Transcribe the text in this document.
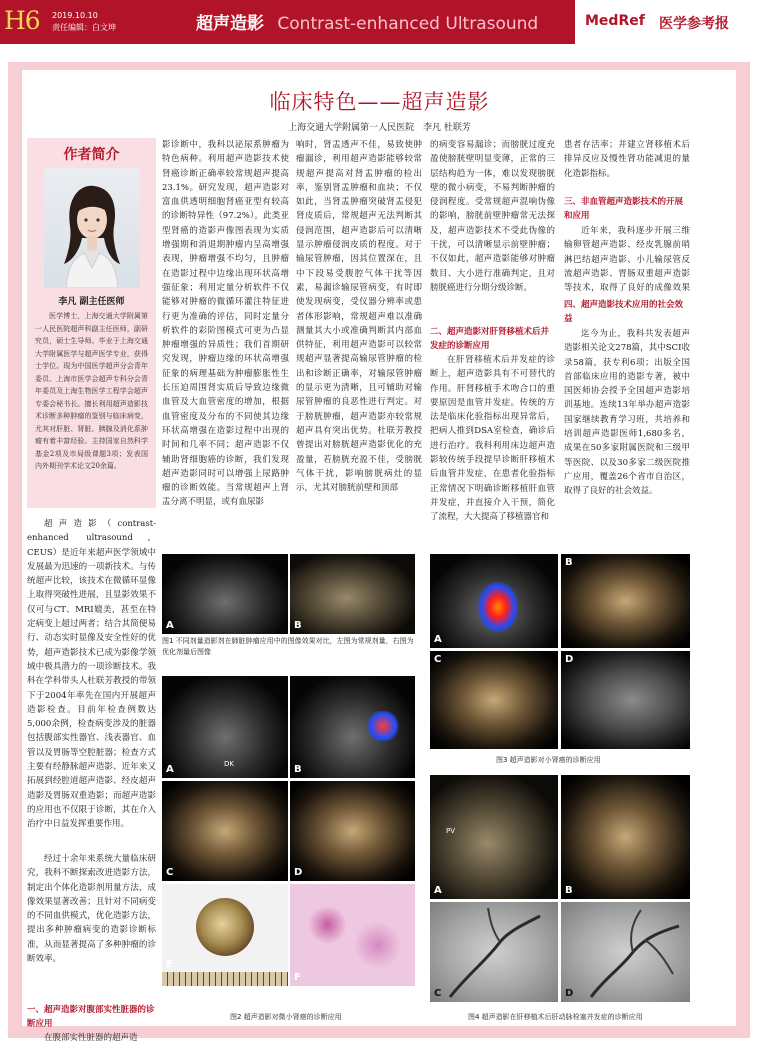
H6 2019.10.10
责任编辑：白文坤	超声造影 Contrast-enhanced Ultrasound	MedRef 医学参考报
临床特色——超声造影
上海交通大学附属第一人民医院 李凡 杜联芳
作者简介
李凡 副主任医师

医学博士，上海交通大学附属第一人民医院超声科副主任医师，副研究员，硕士生导师。毕业于上海交通大学附属医学与超声医学专业，获得士学位。现为中国医学超声分会青年委员、上海市医学会超声专科分会青年委员及上海生物医学工程学会超声专委会秘书长。擅长利用超声造影技术诊断多种肿瘤的鉴别与临床病变，尤其对肝脏、肾脏、胰腺及消化系肿瘤有着丰富经验。主持国家自然科学基金2项及市局级课题3项；发表国内外期刊学术论文20余篇。

超声造影（contrast-enhanced ultrasound，CEUS）是近年来超声医学领域中发展最为迅速的一项新技术。与传统超声比较，该技术在微循环显像上取得突破性进展，且显影效果不仅可与CT、MRI媲美，甚至在特定病变上超过两者；结合其简便易行、动态实时显像及安全性好的优势，超声造影技术已成为影像学领域中极具潜力的一项诊断技术。我科在学科带头人杜联芳教授的带领下于2004年率先在国内开展超声造影检查。目前年检查例数达5,000余例，检查病变涉及的脏器包括腹部实性器官、浅表器官、血管以及胃肠等空腔脏器；检查方式主要有经静脉超声造影、近年来又拓展到经腔道超声造影、经皮超声造影及胃肠双重造影；而超声造影的应用也不仅限于诊断，其在介入治疗中日益发挥重要作用。

经过十余年来系统大量临床研究，我科不断探索改进造影方法，制定出个体化造影剂用量方法，成像效果显著改善；且针对不同病变的不同血供模式，优化造影方法，提出多种肿瘤病变的造影诊断标准，从而显著提高了多种肿瘤的诊断效率。

一、超声造影对腹部实性脏器的诊断应用

在腹部实性脏器的超声造

影诊断中，我科以泌尿系肿瘤为特色病种。利用超声造影技术使肾癌诊断正确率较常规超声提高23.1%。研究发现，超声造影对富血供透明细胞肾癌亚型有较高的诊断特异性（97.2%）。此类亚型肾癌的造影声像图表现为实质增强期和消退期肿瘤内呈高增强表现，肿瘤增强不均匀，且肿瘤在造影过程中边缘出现环状高增强征象；利用定量分析软件不仅能够对肿瘤的微循环灌注特征进行更为准确的评估，同时定量分析软件的彩阶图模式可更为凸显肿瘤增强的异质性；我们首期研究发现，肿瘤边缘的环状高增强征象的病理基础为肿瘤膨胀性生长压迫周围肾实质后导致边缘微血管及大血管密度的增加，根据血管密度及分布的不同使其边缘环状高增强在造影过程中出现的时间和几率不同；超声造影不仅辅助肾细胞癌的诊断，我们发现超声造影同时可以增强上尿路肿瘤的诊断效能。当常规超声上肾盂分离不明显，或有血尿影

响时，肾盂透声不佳，易致使肿瘤漏诊，利用超声造影能够较常规超声提高对肾盂肿瘤的检出率，鉴别肾盂肿瘤和血块；不仅如此，当肾盂肿瘤突破肾盂侵犯肾皮质后，常规超声无法判断其侵润范围，超声造影后可以清晰显示肿瘤侵润皮质的程度。对于输尿管肿瘤，因其位置深在，且中下段易受腹腔气体干扰等因素，易漏诊输尿管病变，有时即使发现病变，受仪器分辨率或患者体形影响，常规超声难以准确测量其大小或准确判断其内部血供特征，利用超声造影可以较常规超声显著提高输尿管肿瘤的检出和诊断正确率，对输尿管肿瘤的显示更为清晰，且可辅助对输尿管肿瘤的良恶性进行判定。对于膀胱肿瘤，超声造影亦较常规超声具有突出优势。杜联芳教授曾提出对膀胱超声造影优化的充盈量，若膀胱充盈不佳，受膀胱气体干扰，影响膀胱病灶的显示，尤其对膀胱前壁和顶部

的病变容易漏诊；而膀胱过度充盈使膀胱壁明显变薄，正常的三层结构趋为一体，难以发现膀胱壁的微小病变，不易判断肿瘤的侵润程度。受常规超声混响伪像的影响，膀胱前壁肿瘤常无法探及，超声造影技术不受此伪像的干扰，可以清晰显示前壁肿瘤；不仅如此，超声造影能够对肿瘤数目、大小进行准确判定，且对膀胱癌进行分期分级诊断。

二、超声造影对肝肾移植术后并发症的诊断应用

在肝肾移植术后并发症的诊断上，超声造影具有不可替代的作用。肝肾移植手术吻合口的重要原因是血管并发症。传统的方法是临床化验指标出现异常后，把病人推到DSA室检查，确诊后进行治疗。我科利用床边超声造影较传统手段提早诊断肝移植术后血管并发症，在患者化验指标正常情况下明确诊断移植肝血管并发症，并直接介入干预，简化了流程，大大提高了移植器官和

患者存活率；并建立肾移植术后排异反应及慢性肾功能减退的量化造影指标。

三、非血管超声造影技术的开展和应用

近年来，我科逐步开展三维输卵管超声造影、经皮乳腺前哨淋巴结超声造影、小儿输尿管反流超声造影、胃肠双重超声造影等技术，取得了良好的成像效果

四、超声造影技术应用的社会效益

迄今为止，我科共发表超声造影相关论文278篇，其中SCI收录58篇，获专利6项；出版全国首部临床应用的造影专著，被中国医师协会授予全国超声造影培训基地。连续13年举办超声造影国家继续教育学习班，共培养和培训超声造影医师1,680多名，成果在50多家附属医院和三级甲等医院、以及30多家二级医院推广应用，覆盖26个省市自治区，取得了良好的社会效益。

A	B

图1 不同剂量造影剂在肺脏肿瘤应用中的图像效果对比，左图为常规剂量，右图为优化剂量后图像

DK
A	B
C	D
E
F

图2 超声造影对微小肾癌的诊断应用

A
B
C	D

图3 超声造影对小肾癌的诊断应用

PV
A	B
C	D

图4 超声造影在肝移植术后肝动脉栓塞并发症的诊断应用
